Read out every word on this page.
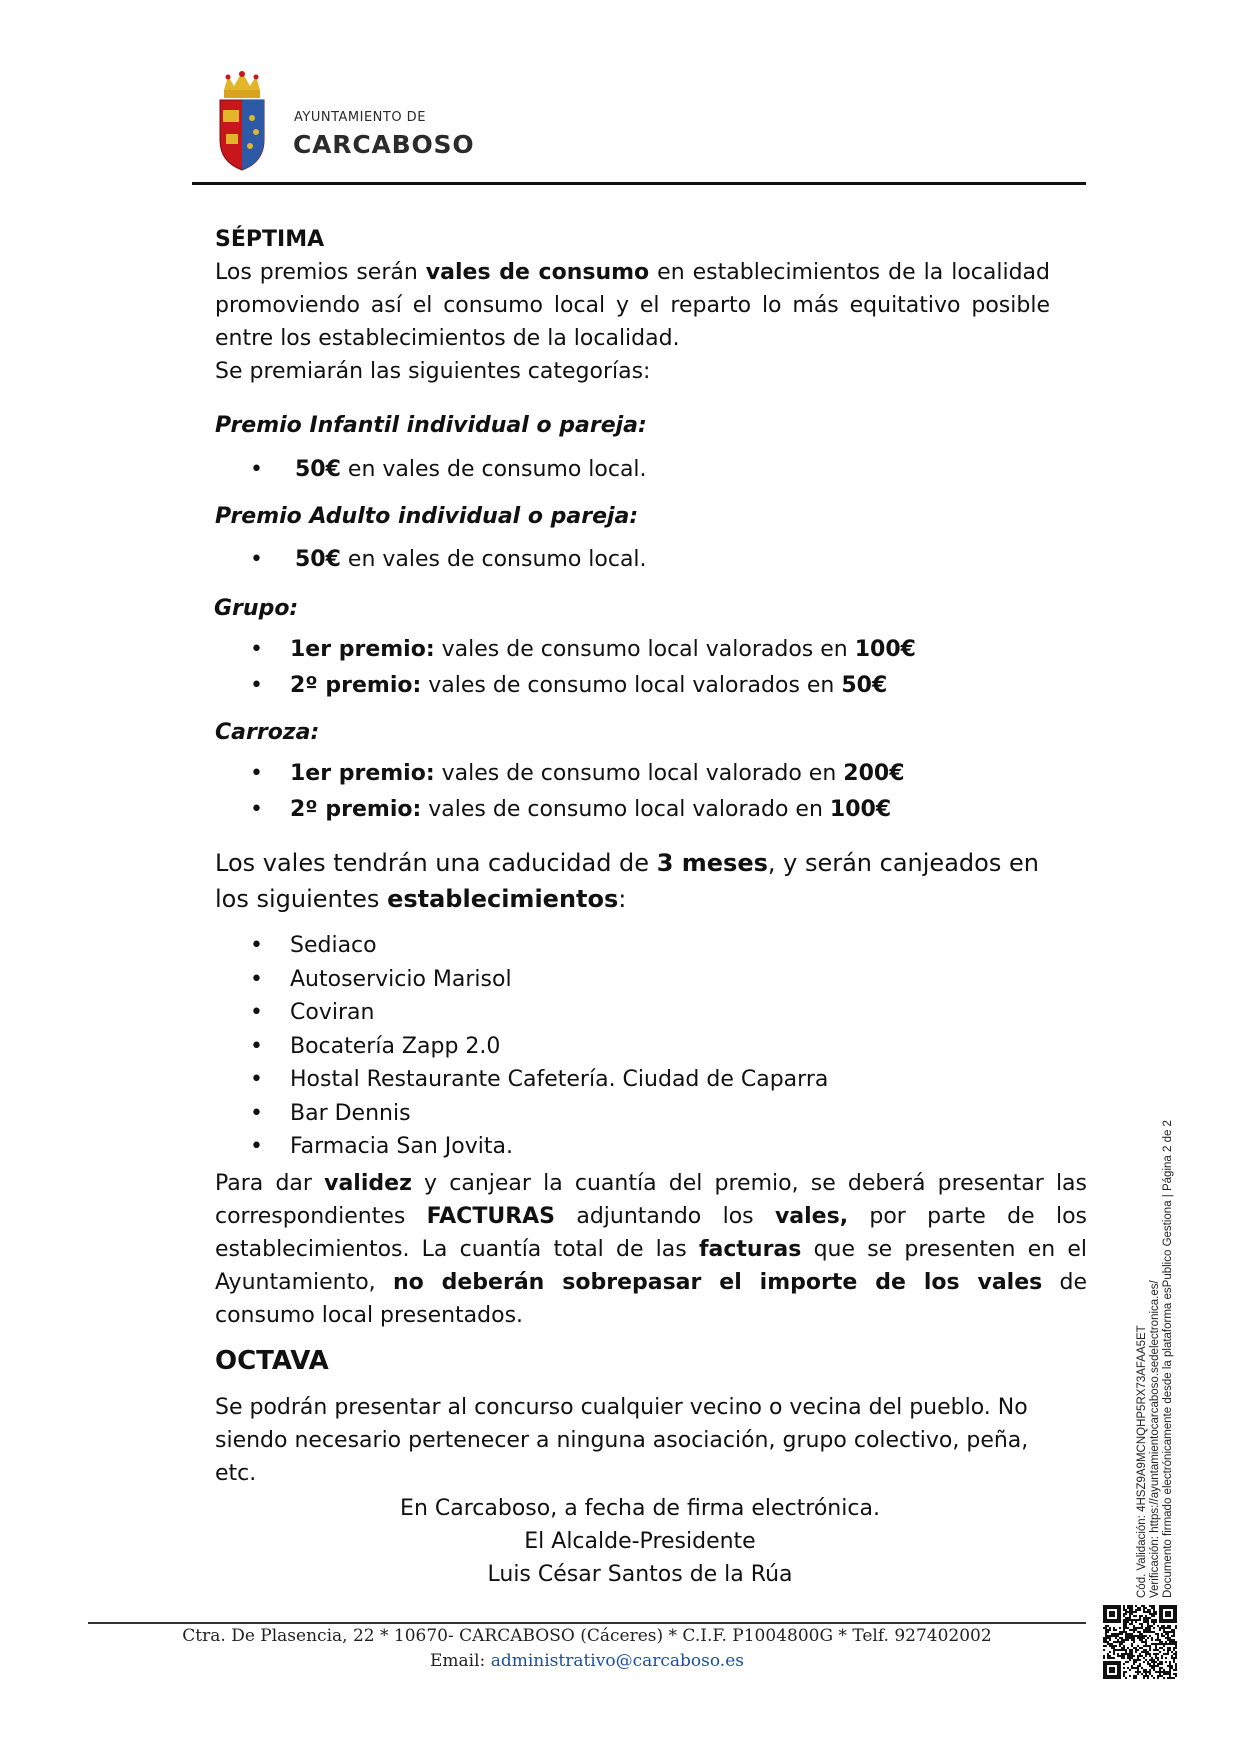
AYUNTAMIENTO DE
CARCABOSO
SÉPTIMA
Los premios serán vales de consumo en establecimientos de la localidad promoviendo así el consumo local y el reparto lo más equitativo posible entre los establecimientos de la localidad.
Se premiarán las siguientes categorías:
Premio Infantil individual o pareja:
• 50€ en vales de consumo local.
Premio Adulto individual o pareja:
• 50€ en vales de consumo local.
Grupo:
• 1er premio: vales de consumo local valorados en 100€
• 2º premio: vales de consumo local valorados en 50€
Carroza:
• 1er premio: vales de consumo local valorado en 200€
• 2º premio: vales de consumo local valorado en 100€
Los vales tendrán una caducidad de 3 meses, y serán canjeados en los siguientes establecimientos:
• Sediaco
• Autoservicio Marisol
• Coviran
• Bocatería Zapp 2.0
• Hostal Restaurante Cafetería. Ciudad de Caparra
• Bar Dennis
• Farmacia San Jovita.
Para dar validez y canjear la cuantía del premio, se deberá presentar las correspondientes FACTURAS adjuntando los vales, por parte de los establecimientos. La cuantía total de las facturas que se presenten en el Ayuntamiento, no deberán sobrepasar el importe de los vales de consumo local presentados.
OCTAVA
Se podrán presentar al concurso cualquier vecino o vecina del pueblo. No siendo necesario pertenecer a ninguna asociación, grupo colectivo, peña, etc.
En Carcaboso, a fecha de firma electrónica.
El Alcalde-Presidente
Luis César Santos de la Rúa
Ctra. De Plasencia, 22 * 10670- CARCABOSO (Cáceres) * C.I.F. P1004800G * Telf. 927402002
Email: administrativo@carcaboso.es
Cód. Validación: 4HSZ9A9MCNQHP5RX73AFAA5ET Verificación: https://ayuntamientocarcaboso.sedelectronica.es/ Documento firmado electrónicamente desde la plataforma esPublico Gestiona | Página 2 de 2
